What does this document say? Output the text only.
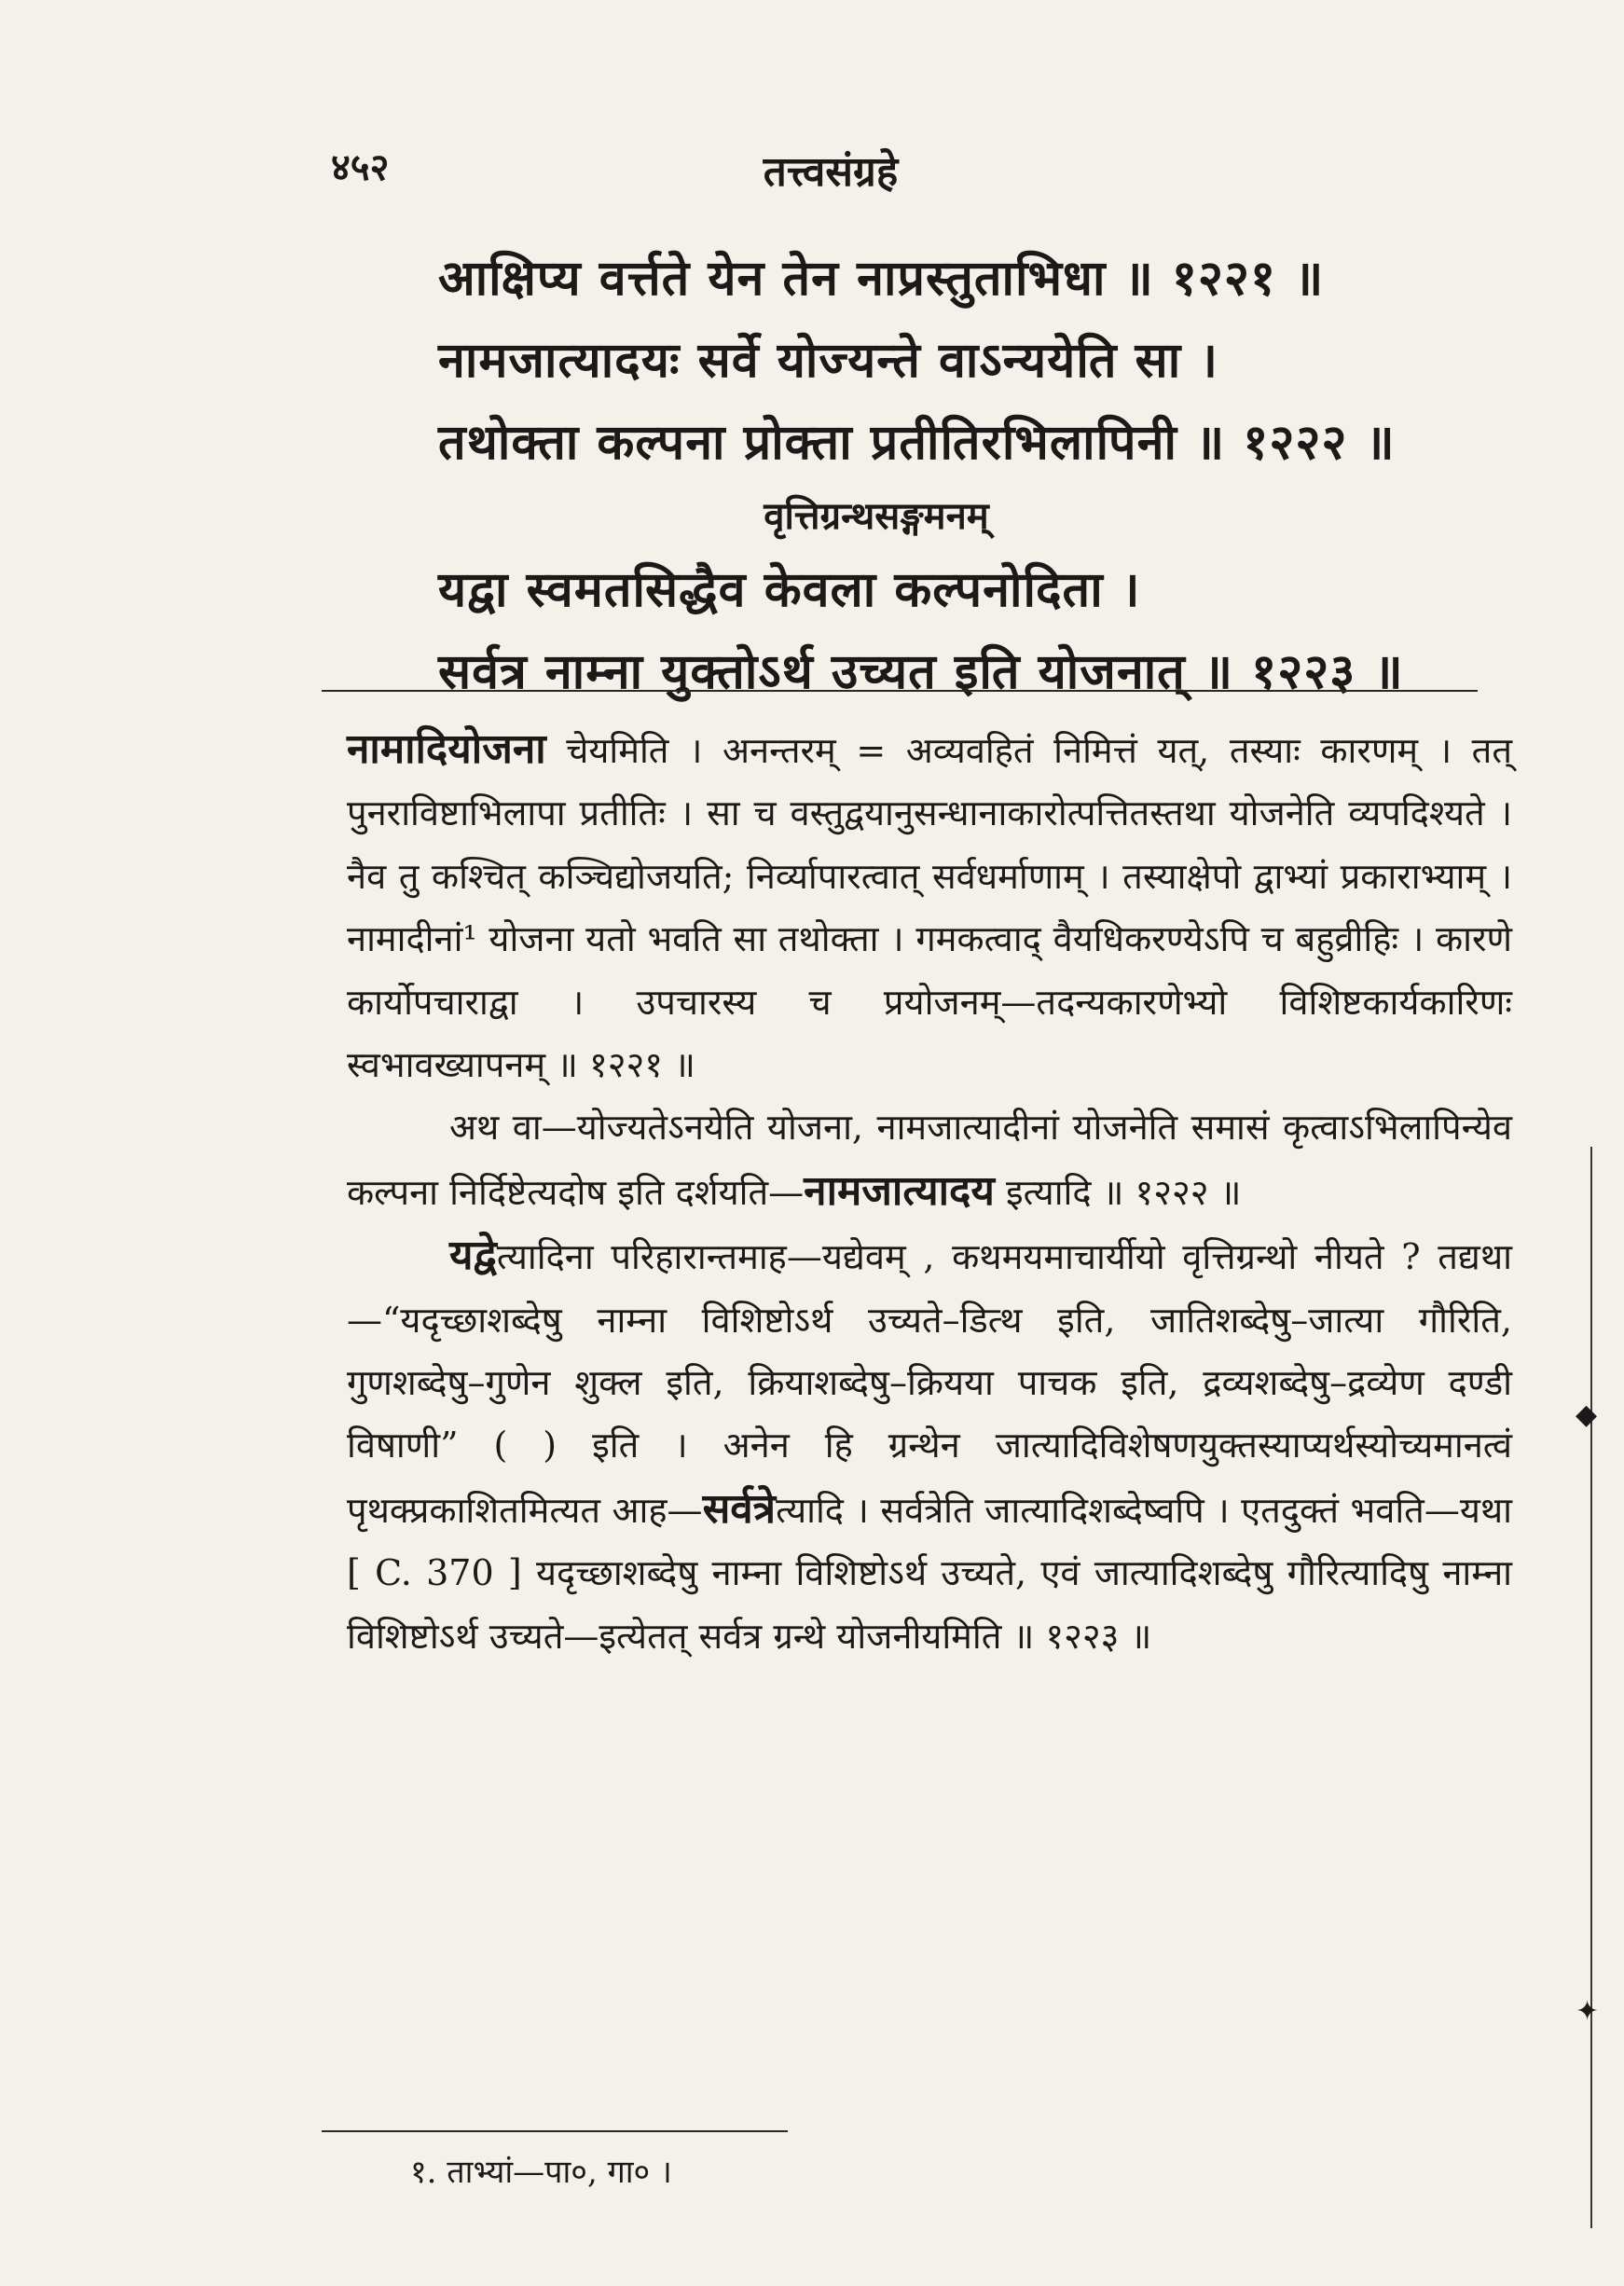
४५२	तत्त्वसंग्रहे
आक्षिप्य वर्त्तते येन तेन नाप्रस्तुताभिधा ॥ १२२१ ॥
नामजात्यादयः सर्वे योज्यन्ते वाऽन्ययेति सा ।
तथोक्ता कल्पना प्रोक्ता प्रतीतिरभिलापिनी ॥ १२२२ ॥
वृत्तिग्रन्थसङ्गमनम्
यद्वा स्वमतसिद्धैव केवला कल्पनोदिता ।
सर्वत्र नाम्ना युक्तोऽर्थ उच्यत इति योजनात् ॥ १२२३ ॥

नामादियोजना चेयमिति । अनन्तरम् = अव्यवहितं निमित्तं यत्, तस्याः कारणम् । तत् पुनराविष्टाभिलापा प्रतीतिः । सा च वस्तुद्वयानुसन्धानाकारोत्पत्तितस्तथा योजनेति व्यपदिश्यते । नैव तु कश्चित् कञ्चिद्योजयति; निर्व्यापारत्वात् सर्वधर्माणाम् । तस्याक्षेपो द्वाभ्यां प्रकाराभ्याम् । नामादीनां¹ योजना यतो भवति सा तथोक्ता । गमकत्वाद् वैयधिकरण्येऽपि च बहुव्रीहिः । कारणे कार्योपचाराद्वा । उपचारस्य च प्रयोजनम्—तदन्यकारणेभ्यो विशिष्टकार्यकारिणः स्वभावख्यापनम् ॥ १२२१ ॥

अथ वा—योज्यतेऽनयेति योजना, नामजात्यादीनां योजनेति समासं कृत्वाऽभिलापिन्येव कल्पना निर्दिष्टेत्यदोष इति दर्शयति—नामजात्यादय इत्यादि ॥ १२२२ ॥

यद्वेत्यादिना परिहारान्तमाह—यद्येवम् , कथमयमाचार्यीयो वृत्तिग्रन्थो नीयते ? तद्यथा—“यदृच्छाशब्देषु नाम्ना विशिष्टोऽर्थ उच्यते–डित्थ इति, जातिशब्देषु–जात्या गौरिति, गुणशब्देषु–गुणेन शुक्ल इति, क्रियाशब्देषु–क्रियया पाचक इति, द्रव्यशब्देषु–द्रव्येण दण्डी विषाणी” ( ) इति । अनेन हि ग्रन्थेन जात्यादिविशेषणयुक्तस्याप्यर्थस्योच्यमानत्वं पृथक्प्रकाशितमित्यत आह—सर्वत्रेत्यादि । सर्वत्रेति जात्यादिशब्देष्वपि । एतदुक्तं भवति—यथा [ C. 370 ] यदृच्छाशब्देषु नाम्ना विशिष्टोऽर्थ उच्यते, एवं जात्यादिशब्देषु गौरित्यादिषु नाम्ना विशिष्टोऽर्थ उच्यते—इत्येतत् सर्वत्र ग्रन्थे योजनीयमिति ॥ १२२३ ॥

१. ताभ्यां—पा०, गा० ।
◆
✦
